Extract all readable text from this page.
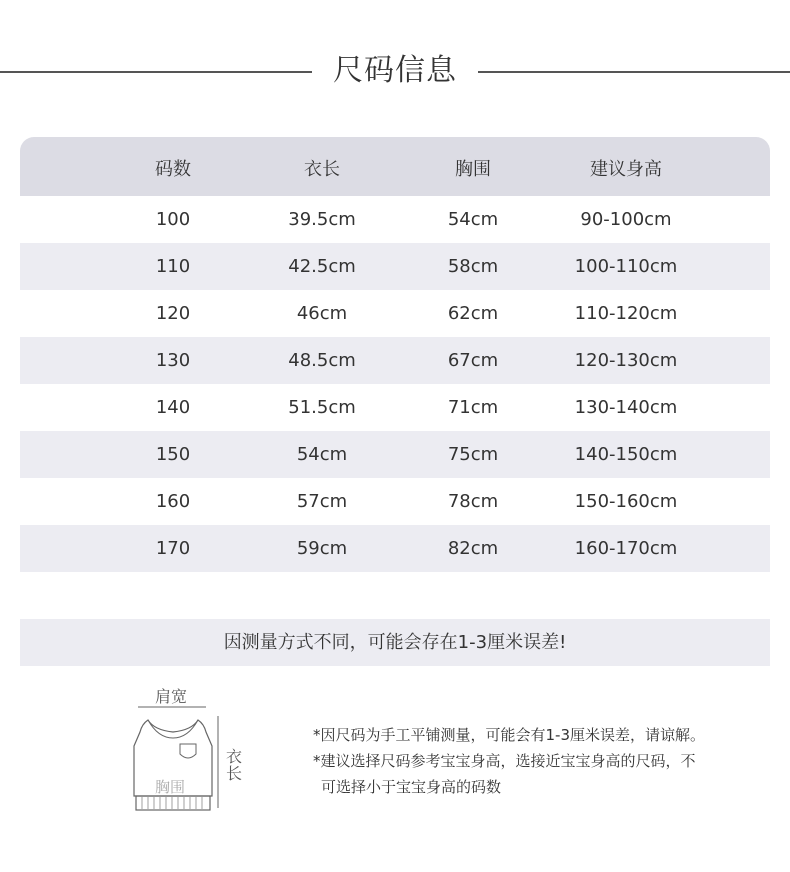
尺码信息
码数	衣长	胸围	建议身高
100	39.5cm	54cm	90-100cm
110	42.5cm	58cm	100-110cm
120	46cm	62cm	110-120cm
130	48.5cm	67cm	120-130cm
140	51.5cm	71cm	130-140cm
150	54cm	75cm	140-150cm
160	57cm	78cm	150-160cm
170	59cm	82cm	160-170cm
因测量方式不同，可能会存在1-3厘米误差!
肩宽
衣长
胸围

*因尺码为手工平铺测量，可能会有1-3厘米误差，请谅解。

*建议选择尺码参考宝宝身高，选接近宝宝身高的尺码，不

可选择小于宝宝身高的码数
